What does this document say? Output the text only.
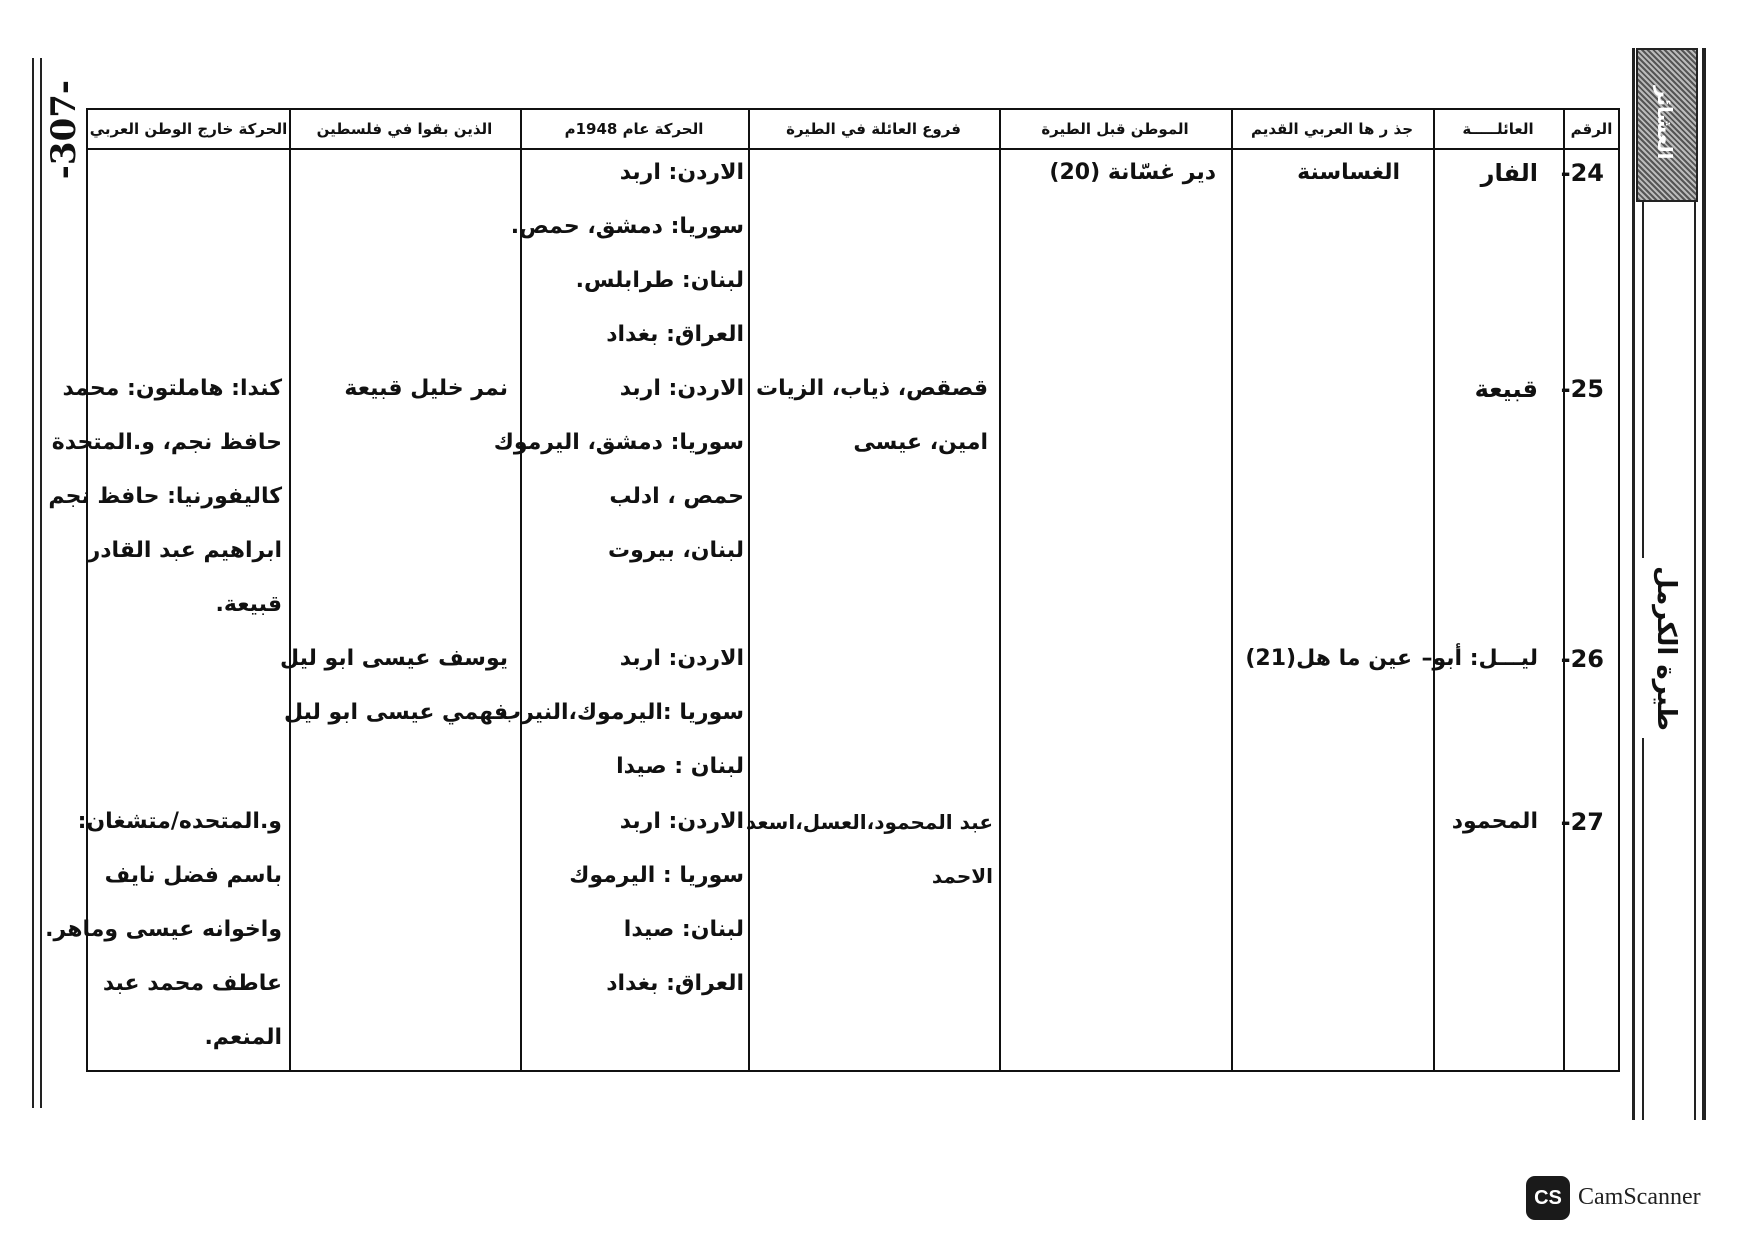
-307-	العشائر
طيرة الكرمل
الرقم
العائلـــــة
جذ ر ها العربي القديم
الموطن قبل الطيرة
فروع العائلة في الطيرة
الحركة عام 1948م
الذين بقوا في فلسطين
الحركة خارج الوطن العربي
24-
الفار
الغساسنة
دير غسّانة (20)
الاردن: اربد
سوريا: دمشق، حمص.
لبنان: طرابلس.
العراق: بغداد
25-
قبيعة
قصقص، ذياب، الزيات
امين، عيسى
الاردن: اربد
سوريا: دمشق، اليرموك
حمص ، ادلب
لبنان، بيروت
نمر خليل قبيعة
كندا: هاملتون: محمد
حافظ نجم، و.المتحدة
كاليفورنيا: حافظ نجم
ابراهيم عبد القادر
قبيعة.
26-
ليـــل: أبو–
عين ما هل(21)
الاردن: اربد
سوريا :اليرموك،النيرب
لبنان : صيدا
يوسف عيسى ابو ليل
فهمي عيسى ابو ليل
27-
المحمود
عبد المحمود،العسل،اسعد
الاحمد
الاردن: اربد
سوريا : اليرموك
لبنان: صيدا
العراق: بغداد
و.المتحده/متشغان:
باسم فضل نايف
واخوانه عيسى وماهر.
عاطف محمد عبد
المنعم.
CS CamScanner
